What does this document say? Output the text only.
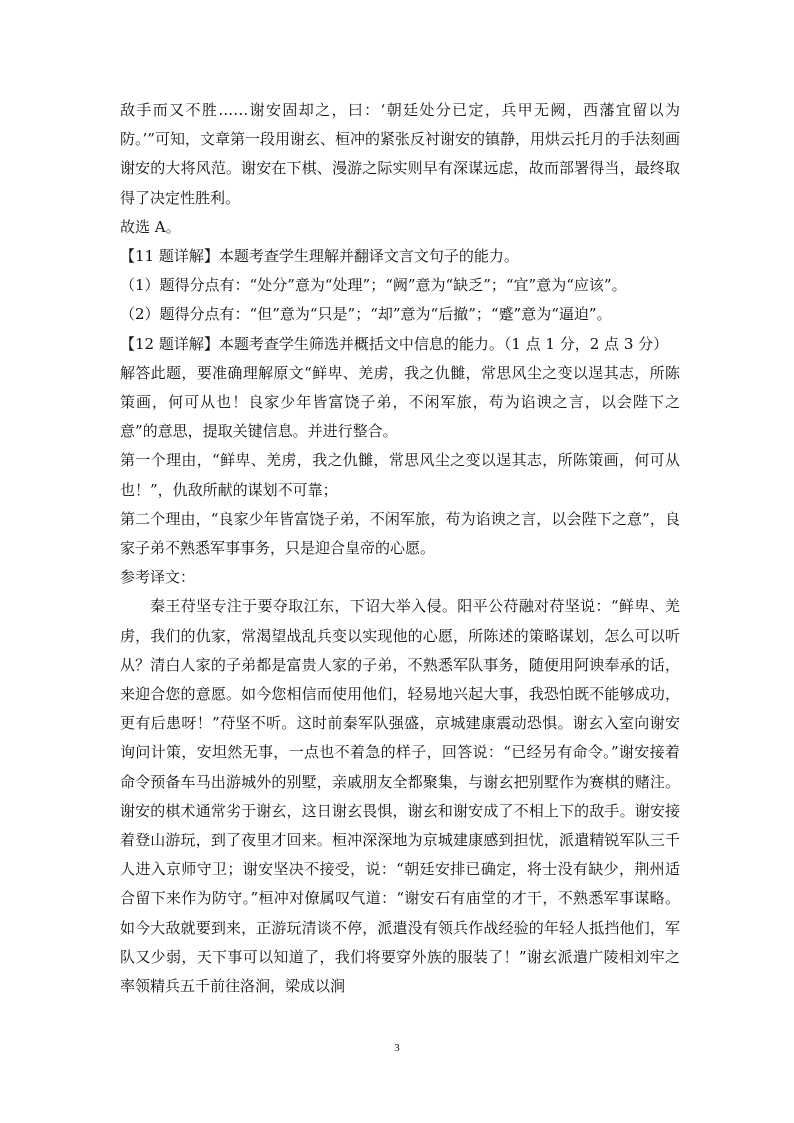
敌手而又不胜……谢安固却之，曰：‘朝廷处分已定，兵甲无阙，西藩宜留以为防。’”可知，文章第一段用谢玄、桓冲的紧张反衬谢安的镇静，用烘云托月的手法刻画谢安的大将风范。谢安在下棋、漫游之际实则早有深谋远虑，故而部署得当，最终取得了决定性胜利。

故选 A。

【11 题详解】本题考查学生理解并翻译文言文句子的能力。

（1）题得分点有：“处分”意为“处理”；“阙”意为“缺乏”；“宜”意为“应该”。

（2）题得分点有：“但”意为“只是”；“却”意为“后撤”；“蹙”意为“逼迫”。

【12 题详解】本题考查学生筛选并概括文中信息的能力。（1 点 1 分，2 点 3 分）

解答此题，要准确理解原文“鲜卑、羌虏，我之仇雠，常思风尘之变以逞其志，所陈策画，何可从也！良家少年皆富饶子弟，不闲军旅，苟为谄谀之言，以会陛下之意”的意思，提取关键信息。并进行整合。

第一个理由，“鲜卑、羌虏，我之仇雠，常思风尘之变以逞其志，所陈策画，何可从也！”，仇敌所献的谋划不可靠；

第二个理由，“良家少年皆富饶子弟，不闲军旅，苟为谄谀之言，以会陛下之意”，良家子弟不熟悉军事事务，只是迎合皇帝的心愿。

参考译文：

秦王苻坚专注于要夺取江东，下诏大举入侵。阳平公苻融对苻坚说：“鲜卑、羌虏，我们的仇家，常渴望战乱兵变以实现他的心愿，所陈述的策略谋划，怎么可以听从？清白人家的子弟都是富贵人家的子弟，不熟悉军队事务，随便用阿谀奉承的话，来迎合您的意愿。如今您相信而使用他们，轻易地兴起大事，我恐怕既不能够成功，更有后患呀！”苻坚不听。这时前秦军队强盛，京城建康震动恐惧。谢玄入室向谢安询问计策，安坦然无事，一点也不着急的样子，回答说：“已经另有命令。”谢安接着命令预备车马出游城外的别墅，亲戚朋友全都聚集，与谢玄把别墅作为赛棋的赌注。谢安的棋术通常劣于谢玄，这日谢玄畏惧，谢玄和谢安成了不相上下的敌手。谢安接着登山游玩，到了夜里才回来。桓冲深深地为京城建康感到担忧，派遣精锐军队三千人进入京师守卫；谢安坚决不接受，说：“朝廷安排已确定，将士没有缺少，荆州适合留下来作为防守。”桓冲对僚属叹气道：“谢安石有庙堂的才干，不熟悉军事谋略。如今大敌就要到来，正游玩清谈不停，派遣没有领兵作战经验的年轻人抵挡他们，军队又少弱，天下事可以知道了，我们将要穿外族的服装了！”谢玄派遣广陵相刘牢之率领精兵五千前往洛涧，梁成以涧

3
